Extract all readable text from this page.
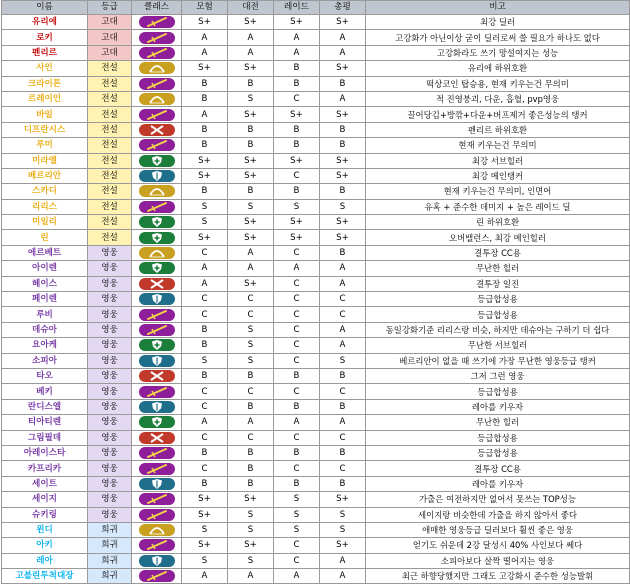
이름	등급	클래스	모험	대전	레이드	총평	비고
유리에	고대		S+	S+	S+	S+	최강 딜러
로키	고대		A	A	A	A	고강화가 아닌이상 굳이 딜러로써 쓸 필요가 하나도 없다
펜리르	고대		A	A	A	A	고강화라도 쓰기 망설여지는 성능
사인	전설		S+	S+	B	S+	유리에 하위호환
크라이튼	전설		B	B	B	B	떡상코인 탑승용, 현재 키우는건 무의미
르레이인	전설		B	S	C	A	적 진영붕괴, 다운, 흡혈, pvp영웅
바일	전설		A	S+	S+	S+	끌어당김+방깎+다운+버프제거 좋은성능의 탱커
디프란시스	전설		B	B	B	B	펜리르 하위호환
루미	전설		B	B	B	B	현재 키우는건 무의미
미라엘	전설		S+	S+	S+	S+	최강 서브힐러
베르리안	전설		S+	S+	C	S+	최강 메인탱커
스카디	전설		B	B	B	B	현재 키우는건 무의미, 인면어
리리스	전설		S	S	S	S	유혹 + 준수한 데미지 + 높은 레이드 딜
미일리	전설		S	S+	S+	S+	린 하위호환
린	전설		S+	S+	S+	S+	오버밸런스, 최강 메인힐러
에르베트	영웅		C	A	C	B	결투장 CC용
아이렌	영웅		A	A	A	A	무난한 힐러
헤이스	영웅		A	S+	C	A	결투장 일진
페이렌	영웅		C	C	C	C	등급합성용
루비	영웅		C	C	C	C	등급합성용
데슈아	영웅		B	S	C	A	동일강화기준 리리스랑 비슷, 하지만 데슈아는 구하기 더 쉽다
요아케	영웅		B	S	C	A	무난한 서브힐러
소피아	영웅		S	S	C	S	베르리안이 없을 때 쓰기에 가장 무난한 영웅등급 탱커
타오	영웅		B	B	B	B	그저 그런 영웅
베키	영웅		C	C	C	C	등급합성용
란디스엘	영웅		C	B	B	B	레아를 키우자
티아티렌	영웅		A	A	A	A	무난한 힐러
그림필데	영웅		C	C	C	C	등급합성용
아레이스타	영웅		B	B	B	B	등급합성용
카프리카	영웅		C	B	C	C	결투장 CC용
세이트	영웅		B	B	B	B	레아를 키우자
세이지	영웅		S+	S+	S	S+	가출은 여전하지만 없어서 못쓰는 TOP성능
슈키링	영웅		S+	S	S	S	세이지랑 비슷한데 가출을 하지 않아서 좋다
윈디	희귀		S	S	S	S	애매한 영웅등급 딜러보다 훨씬 좋은 영웅
아키	희귀		S+	S+	C	S+	얻기도 쉬운데 2강 달성시 40% 사인보다 쎄다
레아	희귀		S	S	C	A	소피아보다 살짝 떨어지는 영웅
고블린투척대장	희귀		A	A	A	A	최근 하향당했지만 그래도 고강화시 준수한 성능발휘
